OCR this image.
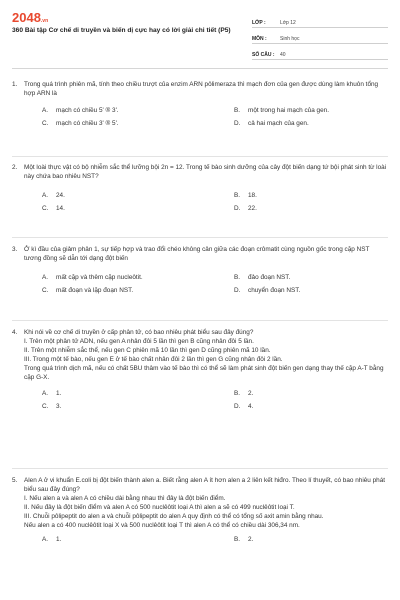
2048.vn
360 Bài tập Cơ chế di truyền và biến dị cực hay có lời giải chi tiết (P5)
LỚP :	Lớp 12
MÔN :	Sinh học
SỐ CÂU :	40
1.	Trong quá trình phiên mã, tính theo chiều trượt của enzim ARN pôlimeraza thì mạch đơn của gen được dùng làm khuôn tổng hợp ARN là
A. mạch có chiều 5' ® 3'.	B. một trong hai mạch của gen.
C. mạch có chiều 3' ® 5'.	D. cả hai mạch của gen.
2.	Một loài thực vật có bộ nhiễm sắc thể lưỡng bội 2n = 12. Trong tế bào sinh dưỡng của cây đột biến dạng tứ bội phát sinh từ loài này chứa bao nhiêu NST?
A. 24.	B. 18.
C. 14.	D. 22.
3.	Ở kì đầu của giảm phân 1, sự tiếp hợp và trao đổi chéo không cân giữa các đoạn crômatit cùng nguồn gốc trong cặp NST tương đồng sẽ dẫn tới dạng đột biến
A. mất cặp và thêm cặp nucleôtit.	B. đảo đoạn NST.
C. mất đoạn và lặp đoạn NST.	D. chuyển đoạn NST.
4.	Khi nói về cơ chế di truyền ở cấp phân tử, có bao nhiêu phát biểu sau đây đúng?
I. Trên một phân tử ADN, nếu gen A nhân đôi 5 lần thì gen B cũng nhân đôi 5 lần.
II. Trên một nhiễm sắc thể, nếu gen C phiên mã 10 lần thì gen D cũng phiên mã 10 lần.
III. Trong một tế bào, nếu gen E ở tế bào chất nhân đôi 2 lần thì gen G cũng nhân đôi 2 lần.
Trong quá trình dịch mã, nếu có chất 5BU thâm vào tế bào thì có thể sẽ làm phát sinh đột biến gen dạng thay thế cặp A-T bằng cặp G-X.
A. 1.	B. 2.
C. 3.	D. 4.
5.	Alen A ở vi khuẩn E.coli bị đột biến thành alen a. Biết rằng alen A ít hơn alen a 2 liên kết hiđro. Theo lí thuyết, có bao nhiêu phát biểu sau đây đúng?
I. Nếu alen a và alen A có chiều dài bằng nhau thì đây là đột biến điểm.
II. Nếu đây là đột biến điểm và alen A có 500 nuclêôtit loại A thì alen a sẽ có 499 nuclêôtit loại T.
III. Chuỗi pôlipeptit do alen a và chuỗi pôlipeptit do alen A quy định có thể có tổng số axit amin bằng nhau.
Nếu alen a có 400 nuclêôtit loại X và 500 nuclêôtit loại T thì alen A có thể có chiều dài 306,34 nm.
A. 1.	B. 2.
